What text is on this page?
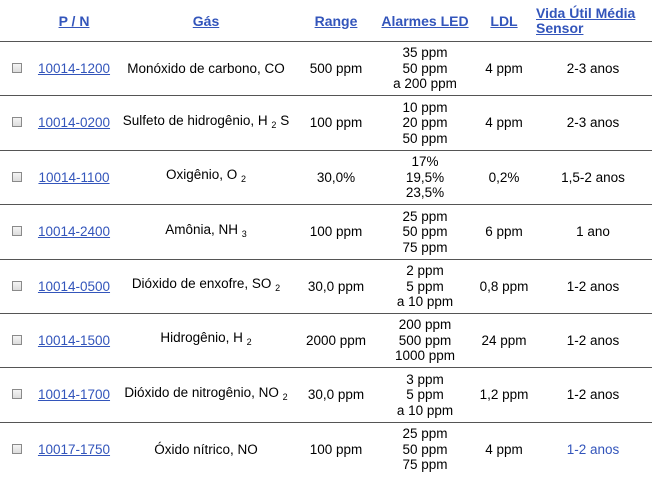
	P / N	Gás	Range	Alarmes LED	LDL	Vida Útil Média
Sensor
	10014-1200	Monóxido de carbono, CO	500 ppm	35 ppm
50 ppm
a 200 ppm	4 ppm	2-3 anos
	10014-0200	Sulfeto de hidrogênio, H $_2$ S	100 ppm	10 ppm
20 ppm
50 ppm	4 ppm	2-3 anos
	10014-1100	Oxigênio, O $_2$	30,0%	17%
19,5%
23,5%	0,2%	1,5-2 anos
	10014-2400	Amônia, NH $_3$	100 ppm	25 ppm
50 ppm
75 ppm	6 ppm	1 ano
	10014-0500	Dióxido de enxofre, SO $_2$	30,0 ppm	2 ppm
5 ppm
a 10 ppm	0,8 ppm	1-2 anos
	10014-1500	Hidrogênio, H $_2$	2000 ppm	200 ppm
500 ppm
1000 ppm	24 ppm	1-2 anos
	10014-1700	Dióxido de nitrogênio, NO $_2$	30,0 ppm	3 ppm
5 ppm
a 10 ppm	1,2 ppm	1-2 anos
	10017-1750	Óxido nítrico, NO	100 ppm	25 ppm
50 ppm
75 ppm	4 ppm	1-2 anos
